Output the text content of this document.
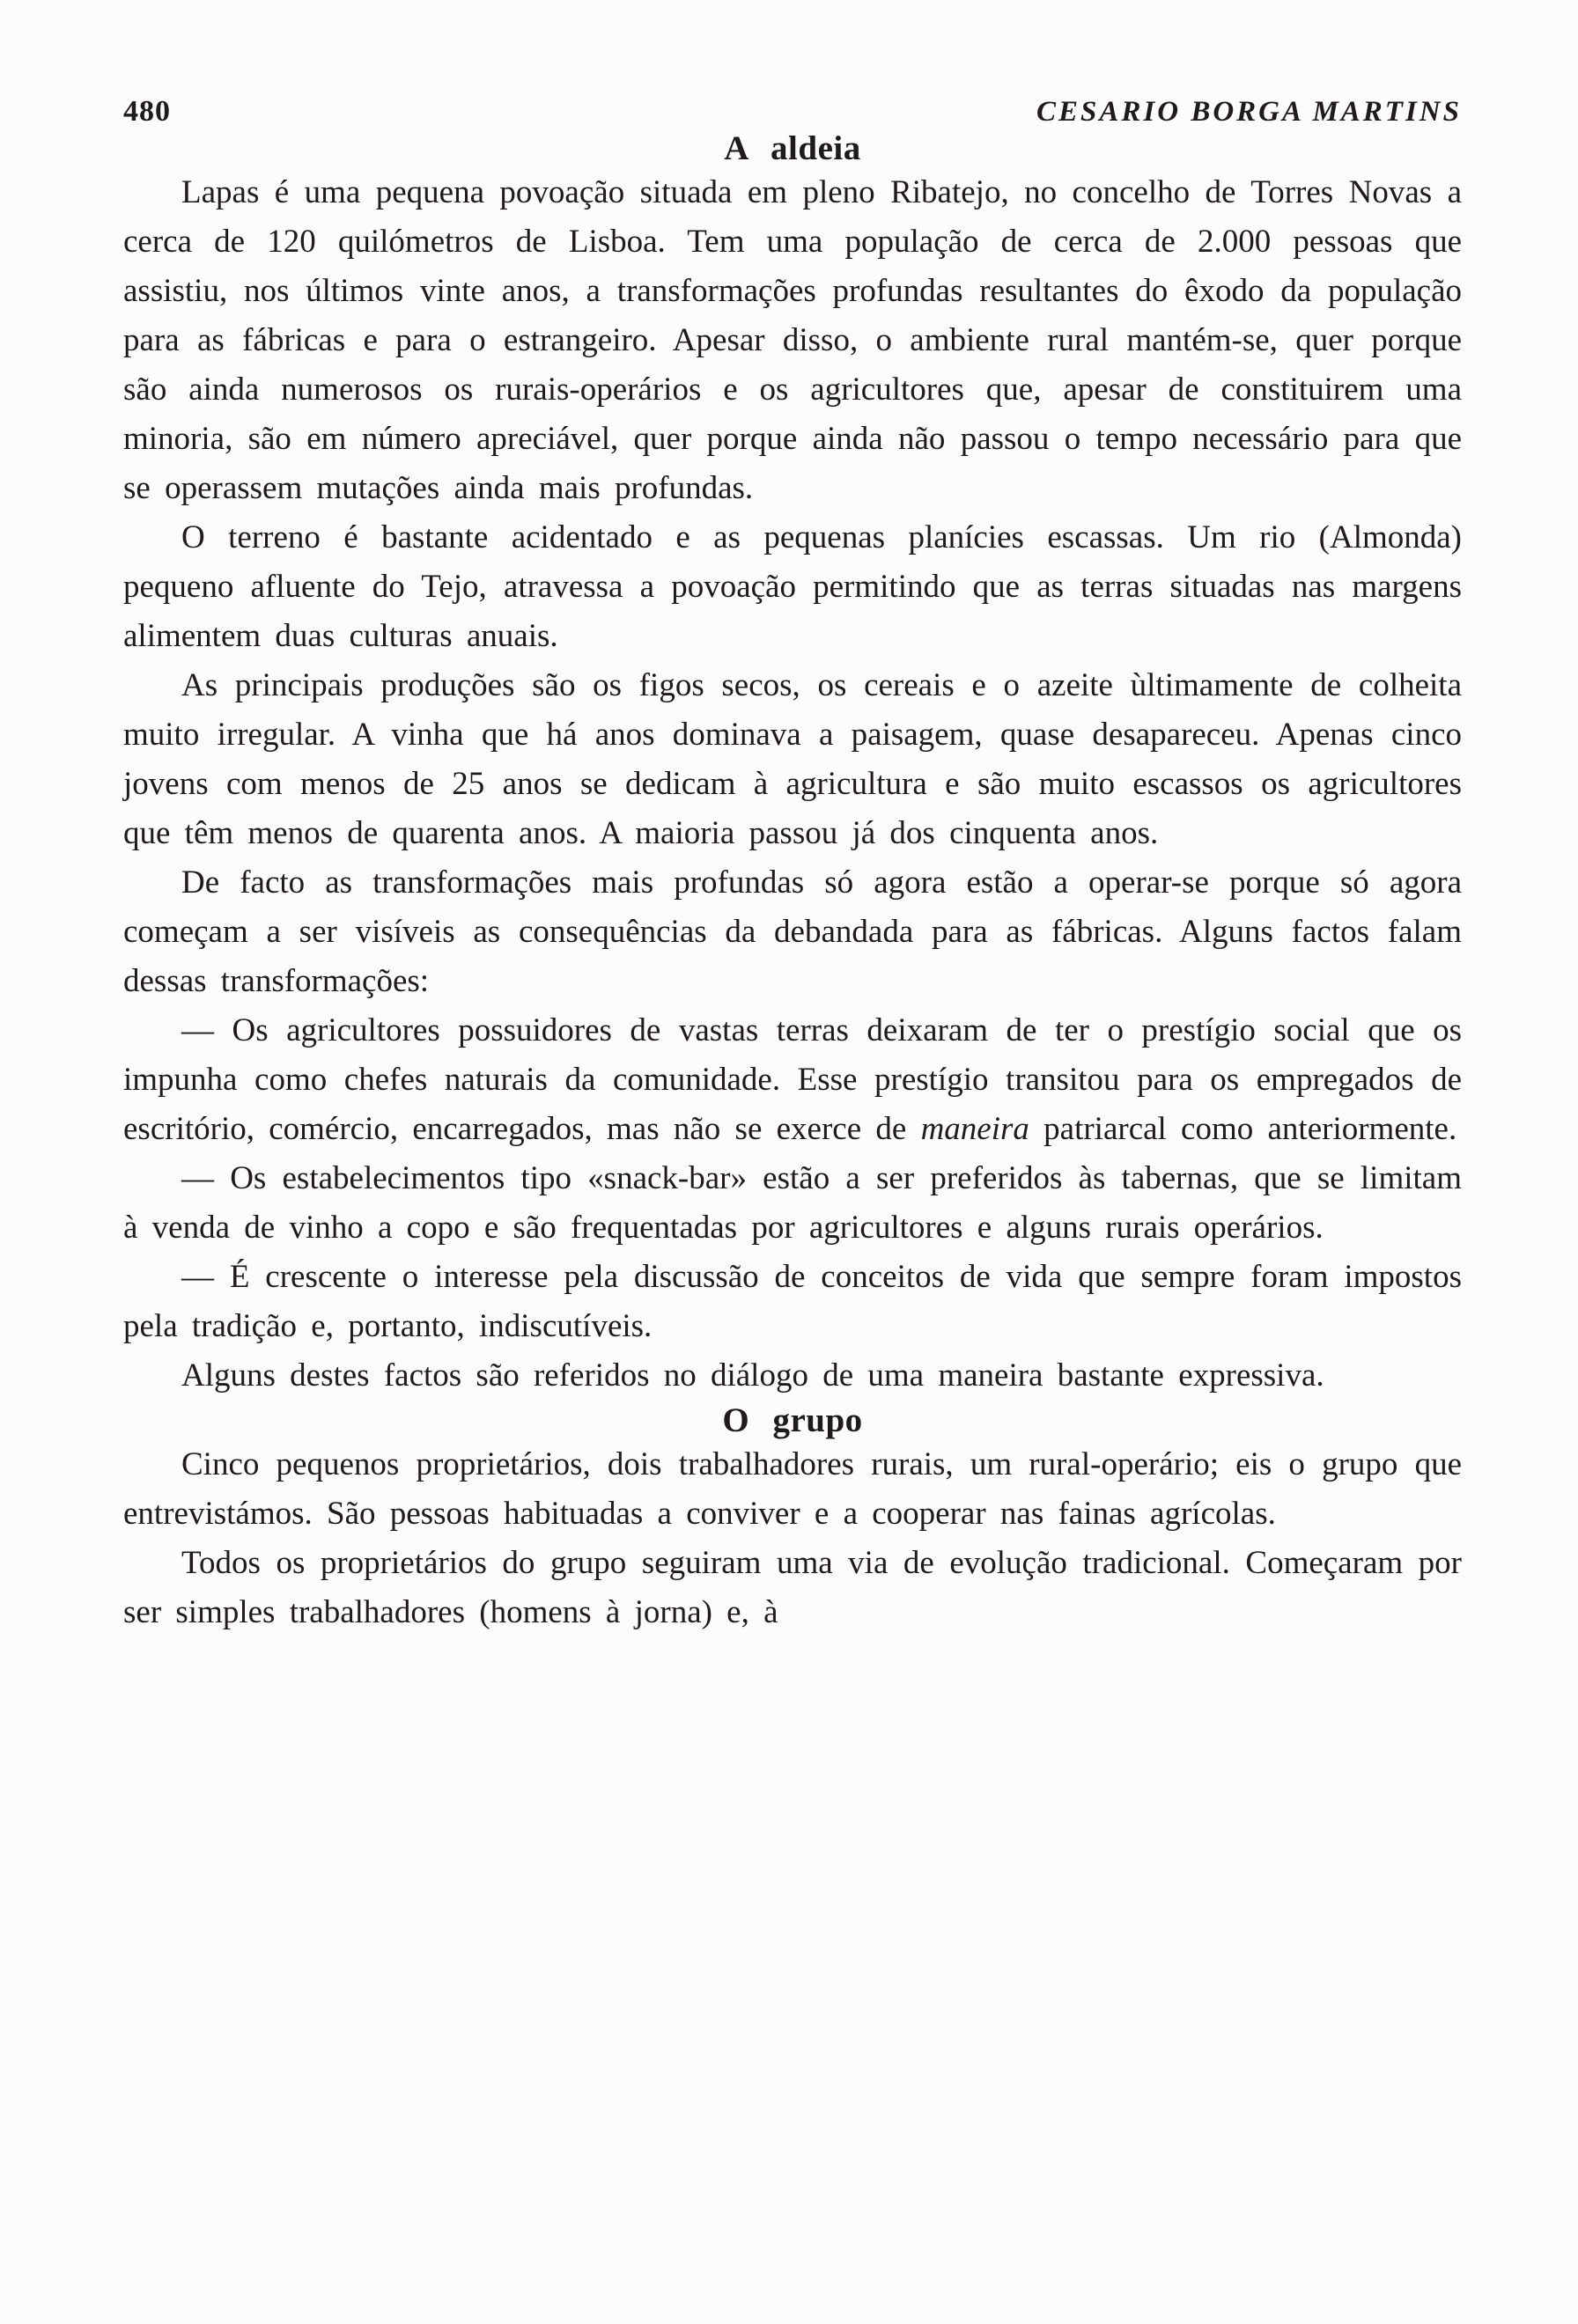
480	CESARIO BORGA MARTINS
A aldeia

Lapas é uma pequena povoação situada em pleno Ribatejo, no concelho de Torres Novas a cerca de 120 quilómetros de Lisboa. Tem uma população de cerca de 2.000 pessoas que assistiu, nos últimos vinte anos, a transformações profundas resultantes do êxodo da população para as fábricas e para o estrangeiro. Apesar disso, o ambiente rural mantém-se, quer porque são ainda numerosos os rurais-operários e os agricultores que, apesar de constituirem uma minoria, são em número apreciável, quer porque ainda não passou o tempo necessário para que se operassem mutações ainda mais profundas.

O terreno é bastante acidentado e as pequenas planícies escassas. Um rio (Almonda) pequeno afluente do Tejo, atravessa a povoação permitindo que as terras situadas nas margens alimentem duas culturas anuais.

As principais produções são os figos secos, os cereais e o azeite ùltimamente de colheita muito irregular. A vinha que há anos dominava a paisagem, quase desapareceu. Apenas cinco jovens com menos de 25 anos se dedicam à agricultura e são muito escassos os agricultores que têm menos de quarenta anos. A maioria passou já dos cinquenta anos.

De facto as transformações mais profundas só agora estão a operar-se porque só agora começam a ser visíveis as consequências da debandada para as fábricas. Alguns factos falam dessas transformações:

— Os agricultores possuidores de vastas terras deixaram de ter o prestígio social que os impunha como chefes naturais da comunidade. Esse prestígio transitou para os empregados de escritório, comércio, encarregados, mas não se exerce de maneira patriarcal como anteriormente.

— Os estabelecimentos tipo «snack-bar» estão a ser preferidos às tabernas, que se limitam à venda de vinho a copo e são frequentadas por agricultores e alguns rurais operários.

— É crescente o interesse pela discussão de conceitos de vida que sempre foram impostos pela tradição e, portanto, indiscutíveis.

Alguns destes factos são referidos no diálogo de uma maneira bastante expressiva.

O grupo

Cinco pequenos proprietários, dois trabalhadores rurais, um rural-operário; eis o grupo que entrevistámos. São pessoas habituadas a conviver e a cooperar nas fainas agrícolas.

Todos os proprietários do grupo seguiram uma via de evolução tradicional. Começaram por ser simples trabalhadores (homens à jorna) e, à
